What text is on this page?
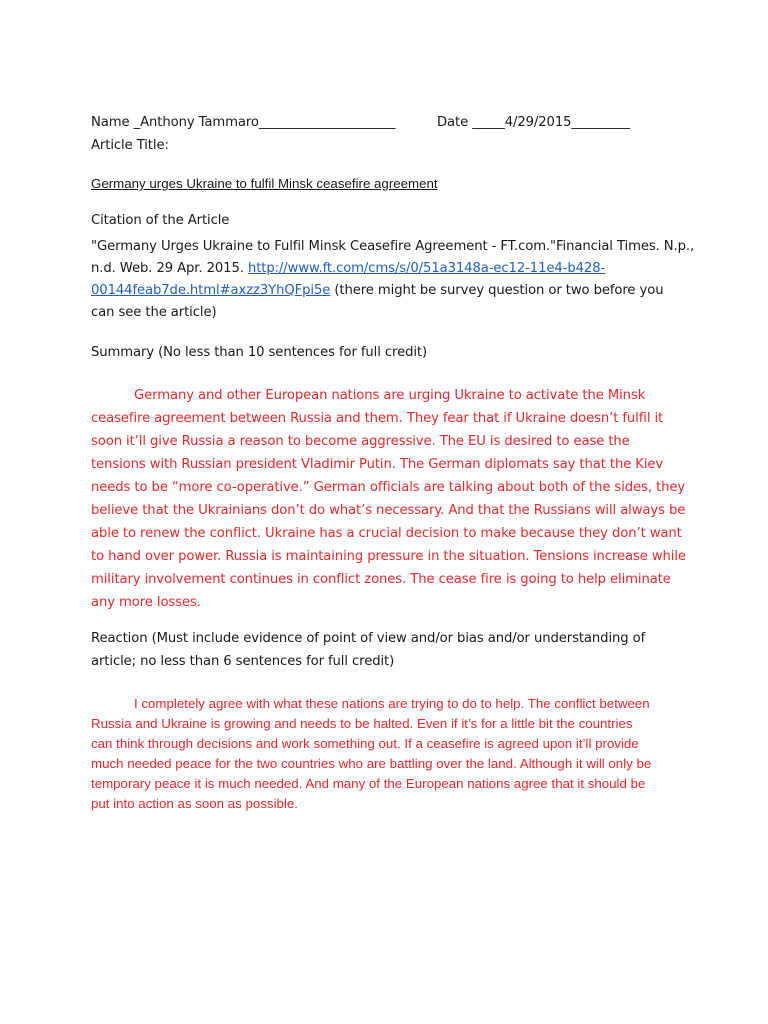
Name _Anthony Tammaro_____________________	Date _____4/29/2015_________
Article Title:
Germany urges Ukraine to fulfil Minsk ceasefire agreement
Citation of the Article
"Germany Urges Ukraine to Fulfil Minsk Ceasefire Agreement - FT.com."Financial Times. N.p.,
n.d. Web. 29 Apr. 2015. http://www.ft.com/cms/s/0/51a3148a-ec12-11e4-b428-
00144feab7de.html#axzz3YhQFpi5e (there might be survey question or two before you
can see the article)
Summary (No less than 10 sentences for full credit)
Germany and other European nations are urging Ukraine to activate the Minsk
ceasefire agreement between Russia and them. They fear that if Ukraine doesn’t fulfil it
soon it’ll give Russia a reason to become aggressive. The EU is desired to ease the
tensions with Russian president Vladimir Putin. The German diplomats say that the Kiev
needs to be “more co-operative.” German officials are talking about both of the sides, they
believe that the Ukrainians don’t do what’s necessary. And that the Russians will always be
able to renew the conflict. Ukraine has a crucial decision to make because they don’t want
to hand over power. Russia is maintaining pressure in the situation. Tensions increase while
military involvement continues in conflict zones. The cease fire is going to help eliminate
any more losses.
Reaction (Must include evidence of point of view and/or bias and/or understanding of
article; no less than 6 sentences for full credit)
I completely agree with what these nations are trying to do to help. The conflict between
Russia and Ukraine is growing and needs to be halted. Even if it’s for a little bit the countries
can think through decisions and work something out. If a ceasefire is agreed upon it’ll provide
much needed peace for the two countries who are battling over the land. Although it will only be
temporary peace it is much needed. And many of the European nations agree that it should be
put into action as soon as possible.
